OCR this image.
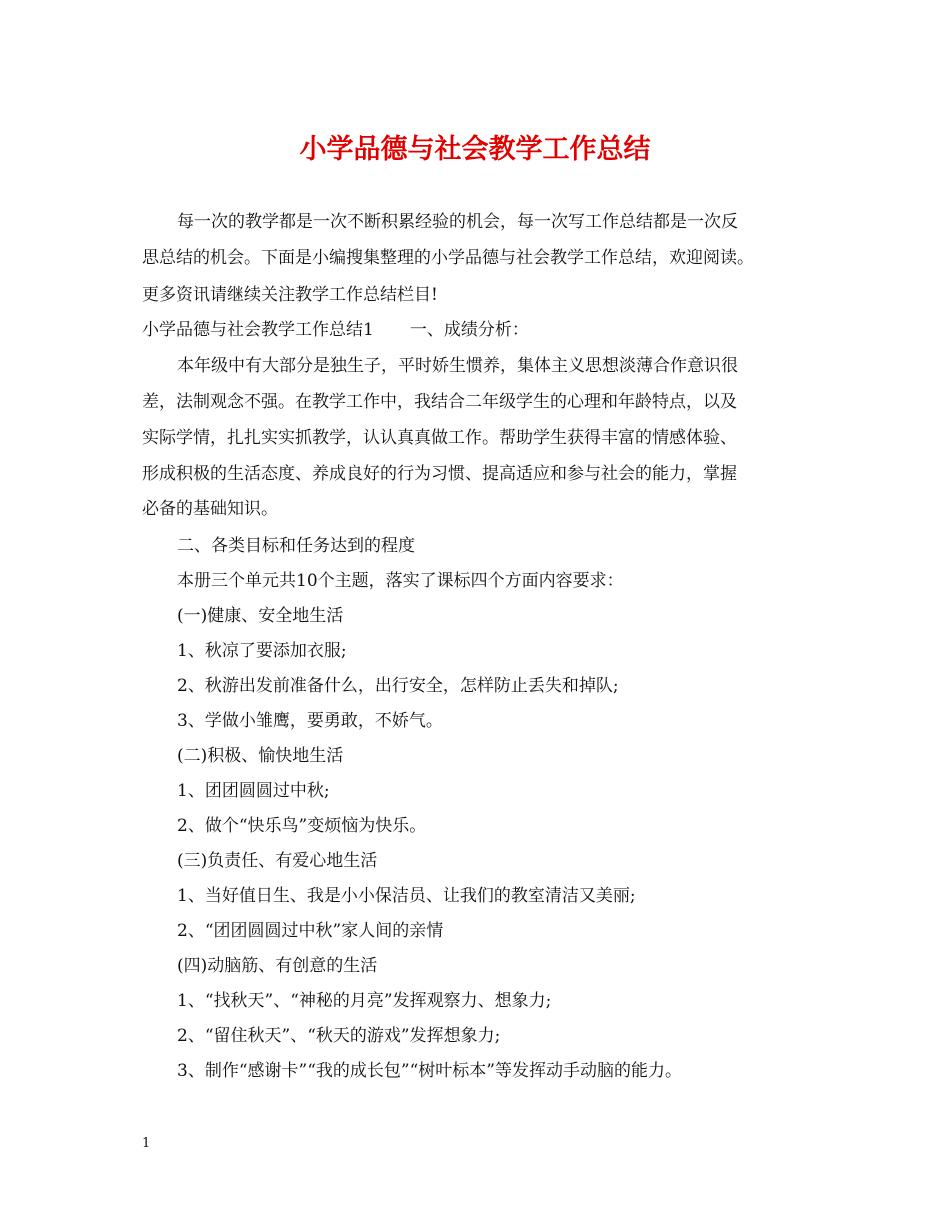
小学品德与社会教学工作总结
每一次的教学都是一次不断积累经验的机会，每一次写工作总结都是一次反
思总结的机会。下面是小编搜集整理的小学品德与社会教学工作总结，欢迎阅读。
更多资讯请继续关注教学工作总结栏目!
小学品德与社会教学工作总结1 一、成绩分析：
本年级中有大部分是独生子，平时娇生惯养，集体主义思想淡薄合作意识很
差，法制观念不强。在教学工作中，我结合二年级学生的心理和年龄特点，以及
实际学情，扎扎实实抓教学，认认真真做工作。帮助学生获得丰富的情感体验、
形成积极的生活态度、养成良好的行为习惯、提高适应和参与社会的能力，掌握
必备的基础知识。
二、各类目标和任务达到的程度
本册三个单元共10个主题，落实了课标四个方面内容要求：
(一)健康、安全地生活
1、秋凉了要添加衣服;
2、秋游出发前准备什么，出行安全，怎样防止丢失和掉队;
3、学做小雏鹰，要勇敢，不娇气。
(二)积极、愉快地生活
1、团团圆圆过中秋;
2、做个“快乐鸟”变烦恼为快乐。
(三)负责任、有爱心地生活
1、当好值日生、我是小小保洁员、让我们的教室清洁又美丽;
2、“团团圆圆过中秋”家人间的亲情
(四)动脑筋、有创意的生活
1、“找秋天”、“神秘的月亮”发挥观察力、想象力;
2、“留住秋天”、“秋天的游戏”发挥想象力;
3、制作“感谢卡”“我的成长包”“树叶标本”等发挥动手动脑的能力。
1
